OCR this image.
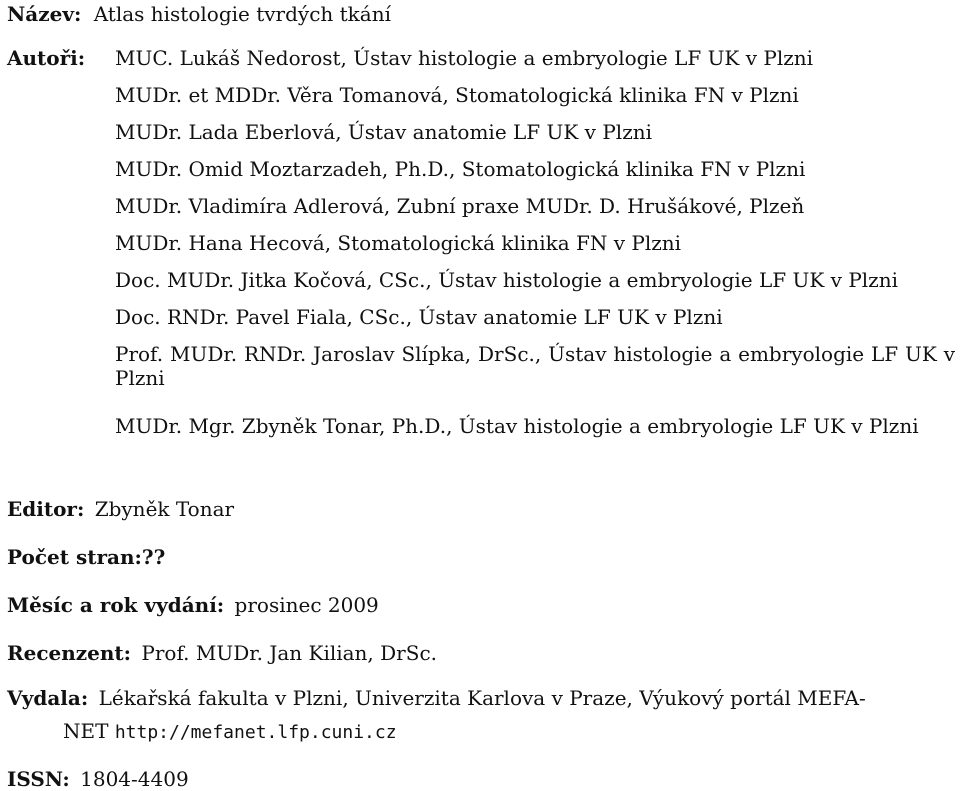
Název: Atlas histologie tvrdých tkání
Autoři: MUC. Lukáš Nedorost, Ústav histologie a embryologie LF UK v Plzni
MUDr. et MDDr. Věra Tomanová, Stomatologická klinika FN v Plzni
MUDr. Lada Eberlová, Ústav anatomie LF UK v Plzni
MUDr. Omid Moztarzadeh, Ph.D., Stomatologická klinika FN v Plzni
MUDr. Vladimíra Adlerová, Zubní praxe MUDr. D. Hrušákové, Plzeň
MUDr. Hana Hecová, Stomatologická klinika FN v Plzni
Doc. MUDr. Jitka Kočová, CSc., Ústav histologie a embryologie LF UK v Plzni
Doc. RNDr. Pavel Fiala, CSc., Ústav anatomie LF UK v Plzni
Prof. MUDr. RNDr. Jaroslav Slípka, DrSc., Ústav histologie a embryologie LF UK v Plzni
MUDr. Mgr. Zbyněk Tonar, Ph.D., Ústav histologie a embryologie LF UK v Plzni
Editor: Zbyněk Tonar
Počet stran:??
Měsíc a rok vydání: prosinec 2009
Recenzent: Prof. MUDr. Jan Kilian, DrSc.
Vydala: Lékařská fakulta v Plzni, Univerzita Karlova v Praze, Výukový portál MEFA-
NET http://mefanet.lfp.cuni.cz
ISSN: 1804-4409
